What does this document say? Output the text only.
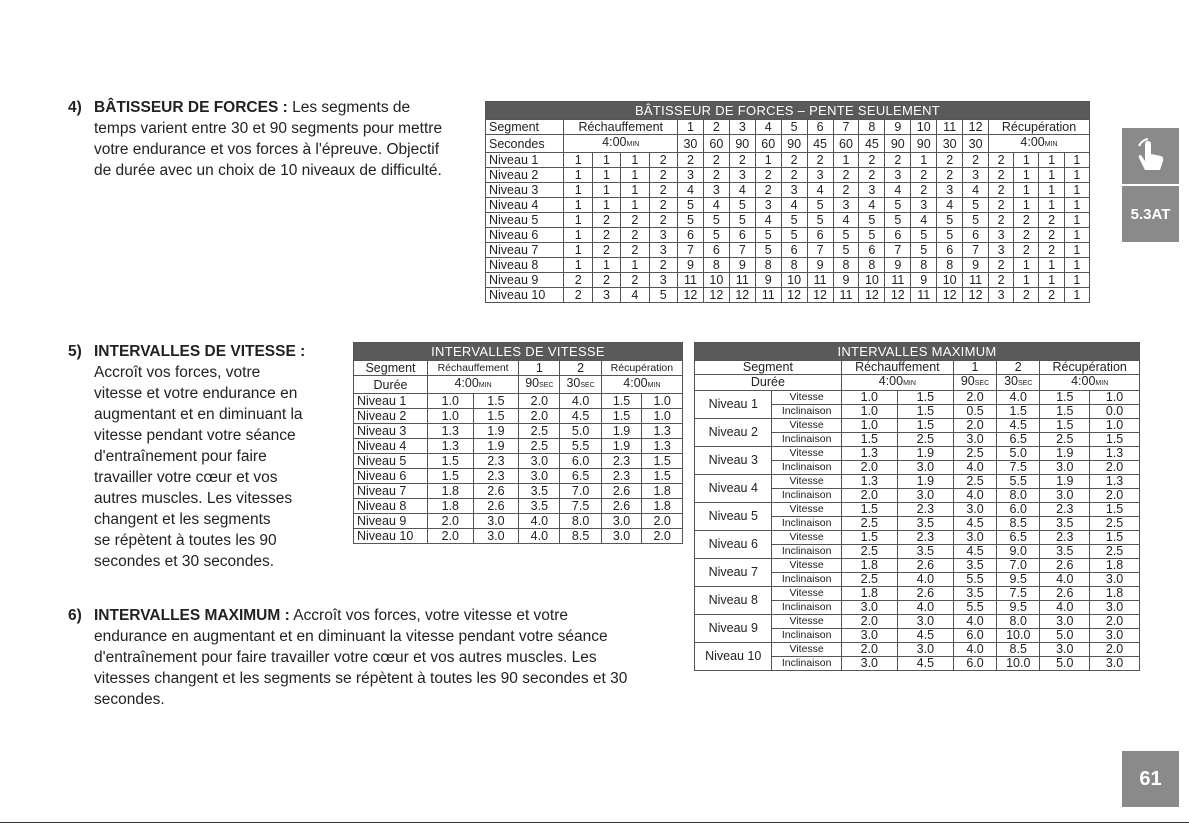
4) BÂTISSEUR DE FORCES : Les segments de
temps varient entre 30 et 90 segments pour mettre
votre endurance et vos forces à l'épreuve. Objectif
de durée avec un choix de 10 niveaux de difficulté.
5) INTERVALLES DE VITESSE :
Accroît vos forces, votre
vitesse et votre endurance en
augmentant et en diminuant la
vitesse pendant votre séance
d'entraînement pour faire
travailler votre cœur et vos
autres muscles. Les vitesses
changent et les segments
se répètent à toutes les 90
secondes et 30 secondes.
6) INTERVALLES MAXIMUM : Accroît vos forces, votre vitesse et votre
endurance en augmentant et en diminuant la vitesse pendant votre séance
d'entraînement pour faire travailler votre cœur et vos autres muscles. Les
vitesses changent et les segments se répètent à toutes les 90 secondes et 30
secondes.
BÂTISSEUR DE FORCES – PENTE SEULEMENT																				
Segment	Réchauffement				1	2	3	4	5	6	7	8	9	10	11	12	Récupération			
Secondes	4:00MIN				30	60	90	60	90	45	60	45	90	90	30	30	4:00MIN			
Niveau 1	1	1	1	2	2	2	2	1	2	2	1	2	2	1	2	2	2	1	1	1
Niveau 2	1	1	1	2	3	2	3	2	2	3	2	2	3	2	2	3	2	1	1	1
Niveau 3	1	1	1	2	4	3	4	2	3	4	2	3	4	2	3	4	2	1	1	1
Niveau 4	1	1	1	2	5	4	5	3	4	5	3	4	5	3	4	5	2	1	1	1
Niveau 5	1	2	2	2	5	5	5	4	5	5	4	5	5	4	5	5	2	2	2	1
Niveau 6	1	2	2	3	6	5	6	5	5	6	5	5	6	5	5	6	3	2	2	1
Niveau 7	1	2	2	3	7	6	7	5	6	7	5	6	7	5	6	7	3	2	2	1
Niveau 8	1	1	1	2	9	8	9	8	8	9	8	8	9	8	8	9	2	1	1	1
Niveau 9	2	2	2	3	11	10	11	9	10	11	9	10	11	9	10	11	2	1	1	1
Niveau 10	2	3	4	5	12	12	12	11	12	12	11	12	12	11	12	12	3	2	2	1
INTERVALLES DE VITESSE						
Segment	Réchauffement		1	2	Récupération	
Durée	4:00MIN		90SEC	30SEC	4:00MIN	
Niveau 1	1.0	1.5	2.0	4.0	1.5	1.0
Niveau 2	1.0	1.5	2.0	4.5	1.5	1.0
Niveau 3	1.3	1.9	2.5	5.0	1.9	1.3
Niveau 4	1.3	1.9	2.5	5.5	1.9	1.3
Niveau 5	1.5	2.3	3.0	6.0	2.3	1.5
Niveau 6	1.5	2.3	3.0	6.5	2.3	1.5
Niveau 7	1.8	2.6	3.5	7.0	2.6	1.8
Niveau 8	1.8	2.6	3.5	7.5	2.6	1.8
Niveau 9	2.0	3.0	4.0	8.0	3.0	2.0
Niveau 10	2.0	3.0	4.0	8.5	3.0	2.0
INTERVALLES MAXIMUM							
Segment		Réchauffement		1	2	Récupération	
Durée		4:00MIN		90SEC	30SEC	4:00MIN	
Niveau 1	Vitesse	1.0	1.5	2.0	4.0	1.5	1.0
	Inclinaison	1.0	1.5	0.5	1.5	1.5	0.0
Niveau 2	Vitesse	1.0	1.5	2.0	4.5	1.5	1.0
	Inclinaison	1.5	2.5	3.0	6.5	2.5	1.5
Niveau 3	Vitesse	1.3	1.9	2.5	5.0	1.9	1.3
	Inclinaison	2.0	3.0	4.0	7.5	3.0	2.0
Niveau 4	Vitesse	1.3	1.9	2.5	5.5	1.9	1.3
	Inclinaison	2.0	3.0	4.0	8.0	3.0	2.0
Niveau 5	Vitesse	1.5	2.3	3.0	6.0	2.3	1.5
	Inclinaison	2.5	3.5	4.5	8.5	3.5	2.5
Niveau 6	Vitesse	1.5	2.3	3.0	6.5	2.3	1.5
	Inclinaison	2.5	3.5	4.5	9.0	3.5	2.5
Niveau 7	Vitesse	1.8	2.6	3.5	7.0	2.6	1.8
	Inclinaison	2.5	4.0	5.5	9.5	4.0	3.0
Niveau 8	Vitesse	1.8	2.6	3.5	7.5	2.6	1.8
	Inclinaison	3.0	4.0	5.5	9.5	4.0	3.0
Niveau 9	Vitesse	2.0	3.0	4.0	8.0	3.0	2.0
	Inclinaison	3.0	4.5	6.0	10.0	5.0	3.0
Niveau 10	Vitesse	2.0	3.0	4.0	8.5	3.0	2.0
	Inclinaison	3.0	4.5	6.0	10.0	5.0	3.0
5.3AT
61
